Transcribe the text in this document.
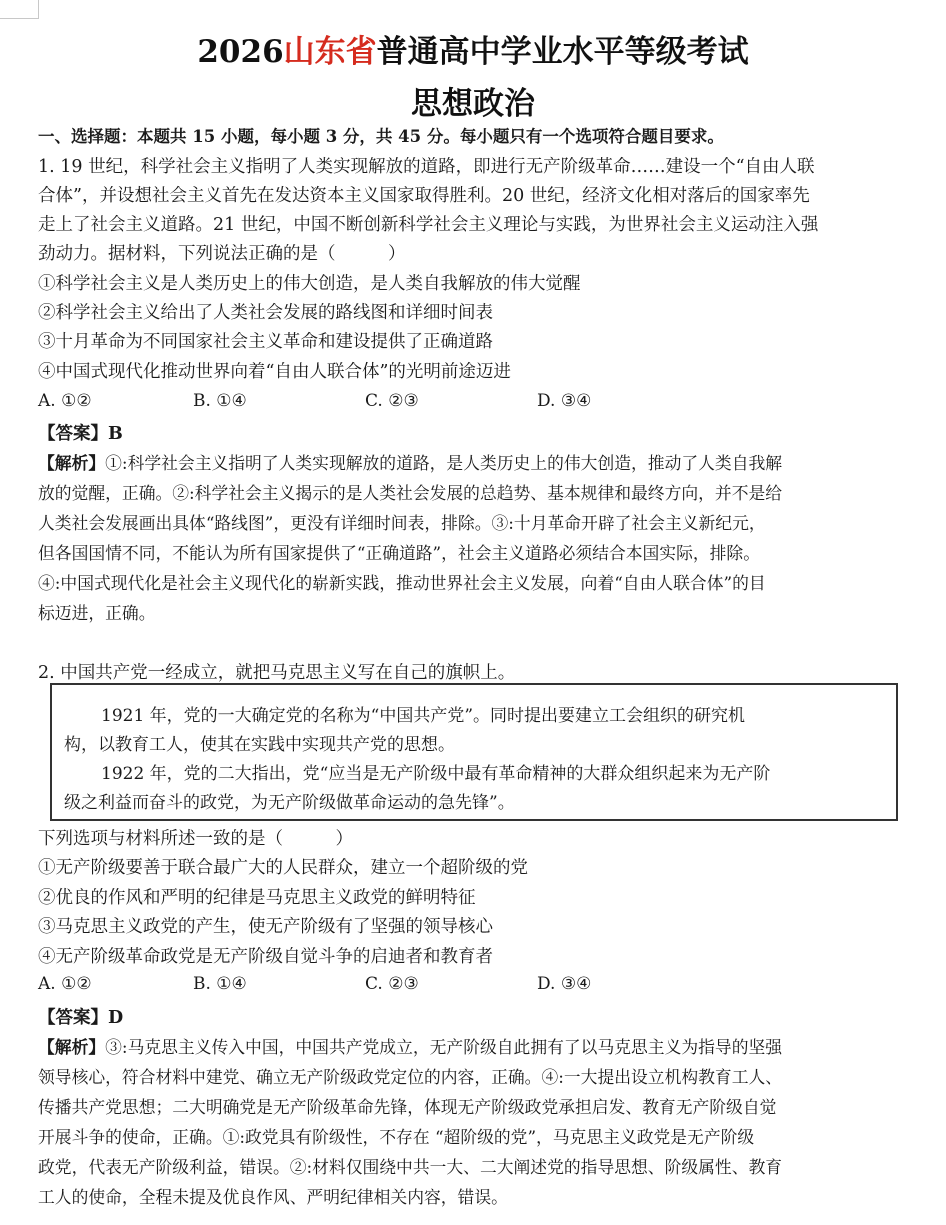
2026山东省普通高中学业水平等级考试
思想政治
一、选择题：本题共 15 小题，每小题 3 分，共 45 分。每小题只有一个选项符合题目要求。
1. 19 世纪，科学社会主义指明了人类实现解放的道路，即进行无产阶级革命……建设一个“自由人联
合体”，并设想社会主义首先在发达资本主义国家取得胜利。20 世纪，经济文化相对落后的国家率先
走上了社会主义道路。21 世纪，中国不断创新科学社会主义理论与实践，为世界社会主义运动注入强
劲动力。据材料，下列说法正确的是（　　　）
①科学社会主义是人类历史上的伟大创造，是人类自我解放的伟大觉醒
②科学社会主义给出了人类社会发展的路线图和详细时间表
③十月革命为不同国家社会主义革命和建设提供了正确道路
④中国式现代化推动世界向着“自由人联合体”的光明前途迈进
A. ①②	B. ①④	C. ②③	D. ③④
【答案】B
【解析】①:科学社会主义指明了人类实现解放的道路，是人类历史上的伟大创造，推动了人类自我解
放的觉醒，正确。②:科学社会主义揭示的是人类社会发展的总趋势、基本规律和最终方向，并不是给
人类社会发展画出具体“路线图”，更没有详细时间表，排除。③:十月革命开辟了社会主义新纪元，
但各国国情不同，不能认为所有国家提供了“正确道路”，社会主义道路必须结合本国实际，排除。
④:中国式现代化是社会主义现代化的崭新实践，推动世界社会主义发展，向着“自由人联合体”的目
标迈进，正确。
2. 中国共产党一经成立，就把马克思主义写在自己的旗帜上。
1921 年，党的一大确定党的名称为“中国共产党”。同时提出要建立工会组织的研究机
构，以教育工人，使其在实践中实现共产党的思想。
1922 年，党的二大指出，党“应当是无产阶级中最有革命精神的大群众组织起来为无产阶
级之利益而奋斗的政党，为无产阶级做革命运动的急先锋”。
下列选项与材料所述一致的是（　　　）
①无产阶级要善于联合最广大的人民群众，建立一个超阶级的党
②优良的作风和严明的纪律是马克思主义政党的鲜明特征
③马克思主义政党的产生，使无产阶级有了坚强的领导核心
④无产阶级革命政党是无产阶级自觉斗争的启迪者和教育者
A. ①②	B. ①④	C. ②③	D. ③④
【答案】D
【解析】③:马克思主义传入中国，中国共产党成立，无产阶级自此拥有了以马克思主义为指导的坚强
领导核心，符合材料中建党、确立无产阶级政党定位的内容，正确。④:一大提出设立机构教育工人、
传播共产党思想；二大明确党是无产阶级革命先锋，体现无产阶级政党承担启发、教育无产阶级自觉
开展斗争的使命，正确。①:政党具有阶级性，不存在 “超阶级的党”，马克思主义政党是无产阶级
政党，代表无产阶级利益，错误。②:材料仅围绕中共一大、二大阐述党的指导思想、阶级属性、教育
工人的使命，全程未提及优良作风、严明纪律相关内容，错误。
